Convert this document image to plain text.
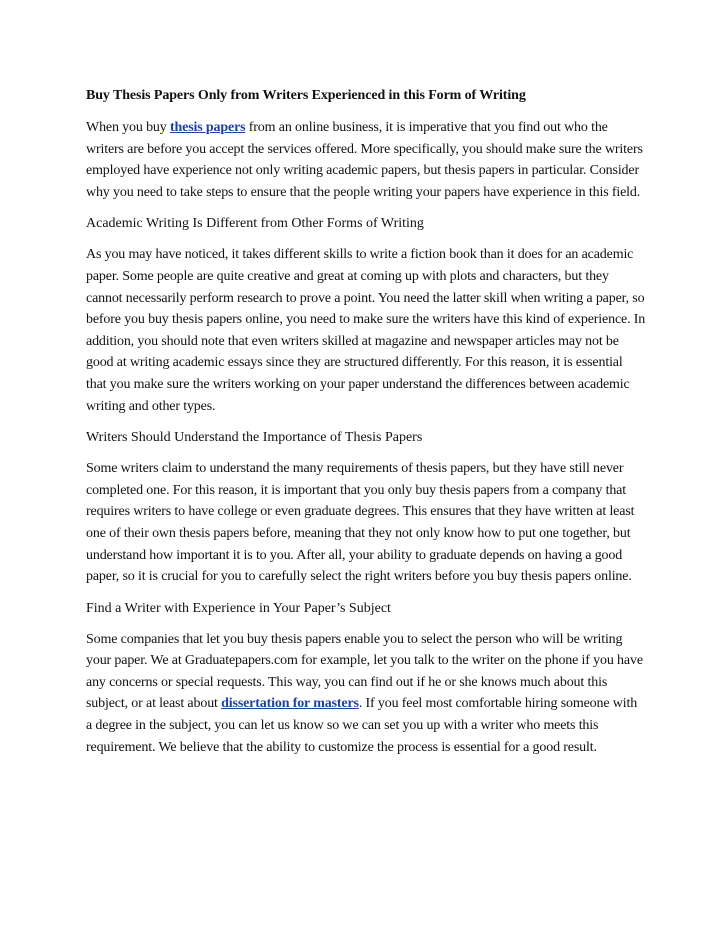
Buy Thesis Papers Only from Writers Experienced in this Form of Writing

When you buy thesis papers from an online business, it is imperative that you find out who the writers are before you accept the services offered. More specifically, you should make sure the writers employed have experience not only writing academic papers, but thesis papers in particular. Consider why you need to take steps to ensure that the people writing your papers have experience in this field.

Academic Writing Is Different from Other Forms of Writing

As you may have noticed, it takes different skills to write a fiction book than it does for an academic paper. Some people are quite creative and great at coming up with plots and characters, but they cannot necessarily perform research to prove a point. You need the latter skill when writing a paper, so before you buy thesis papers online, you need to make sure the writers have this kind of experience. In addition, you should note that even writers skilled at magazine and newspaper articles may not be good at writing academic essays since they are structured differently. For this reason, it is essential that you make sure the writers working on your paper understand the differences between academic writing and other types.

Writers Should Understand the Importance of Thesis Papers

Some writers claim to understand the many requirements of thesis papers, but they have still never completed one. For this reason, it is important that you only buy thesis papers from a company that requires writers to have college or even graduate degrees. This ensures that they have written at least one of their own thesis papers before, meaning that they not only know how to put one together, but understand how important it is to you. After all, your ability to graduate depends on having a good paper, so it is crucial for you to carefully select the right writers before you buy thesis papers online.

Find a Writer with Experience in Your Paper’s Subject

Some companies that let you buy thesis papers enable you to select the person who will be writing your paper. We at Graduatepapers.com for example, let you talk to the writer on the phone if you have any concerns or special requests. This way, you can find out if he or she knows much about this subject, or at least about dissertation for masters. If you feel most comfortable hiring someone with a degree in the subject, you can let us know so we can set you up with a writer who meets this requirement. We believe that the ability to customize the process is essential for a good result.
